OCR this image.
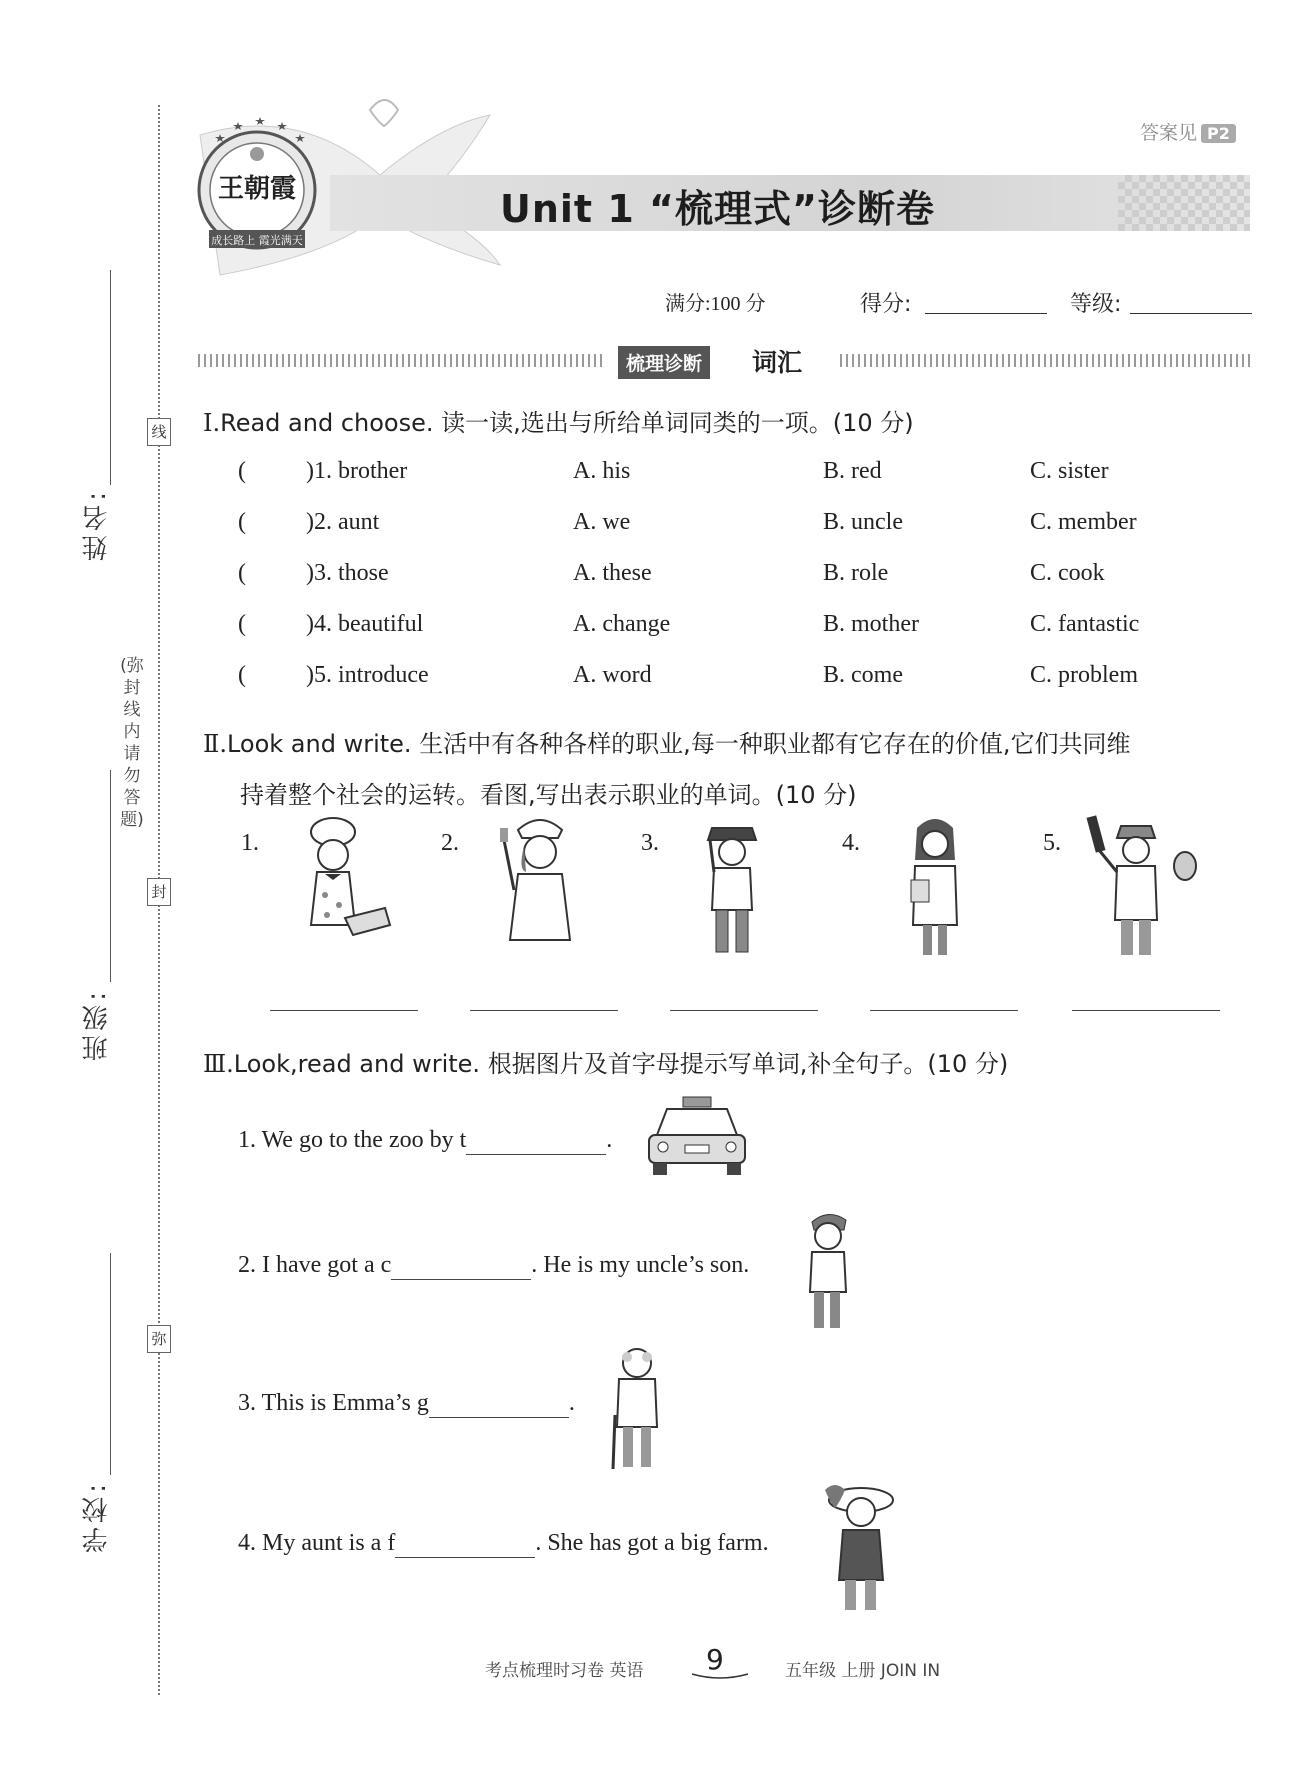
线
封
弥
(弥封线内请勿答题)
姓名:
班级:
学校:
王朝霞
成长路上 霞光满天
Unit 1 “梳理式”诊断卷
答案见 P2
满分:100 分	得分:	等级:
梳理诊断	词汇
Ⅰ.Read and choose. 读一读,选出与所给单词同类的一项。(10 分)
(	)1. brother	A. his	B. red	C. sister
(	)2. aunt	A. we	B. uncle	C. member
(	)3. those	A. these	B. role	C. cook
(	)4. beautiful	A. change	B. mother	C. fantastic
(	)5. introduce	A. word	B. come	C. problem
Ⅱ.Look and write. 生活中有各种各样的职业,每一种职业都有它存在的价值,它们共同维
持着整个社会的运转。看图,写出表示职业的单词。(10 分)
1.	2.	3.	4.	5.
Ⅲ.Look,read and write. 根据图片及首字母提示写单词,补全句子。(10 分)
1. We go to the zoo by t	.
2. I have got a c	. He is my uncle’s son.
3. This is Emma’s g	.
4. My aunt is a f	. She has got a big farm.
考点梳理时习卷 英语 9	五年级 上册 JOIN IN
